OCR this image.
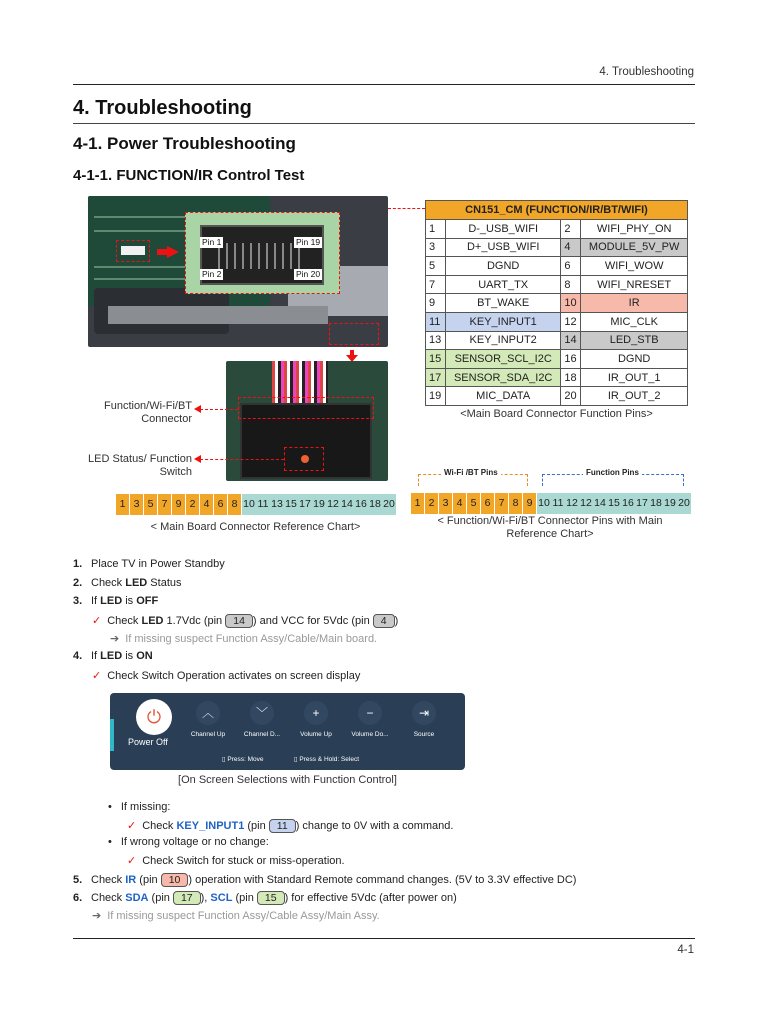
4. Troubleshooting
4. Troubleshooting
4-1. Power Troubleshooting
4-1-1. FUNCTION/IR Control Test
Pin 1	Pin 19
Pin 2	Pin 20
Function/Wi-Fi/BT
Connector
LED Status/ Function
Switch
CN151_CM (FUNCTION/IR/BT/WIFI)			
1	D-_USB_WIFI	2	WIFI_PHY_ON
3	D+_USB_WIFI	4	MODULE_5V_PW
5	DGND	6	WIFI_WOW
7	UART_TX	8	WIFI_NRESET
9	BT_WAKE	10	IR
11	KEY_INPUT1	12	MIC_CLK
13	KEY_INPUT2	14	LED_STB
15	SENSOR_SCL_I2C	16	DGND
17	SENSOR_SDA_I2C	18	IR_OUT_1
19	MIC_DATA	20	IR_OUT_2
<Main Board Connector Function Pins>
1 3 5 7 9 2 4 6 8 10 11 13 15 17 19 12 14 16 18 20
< Main Board Connector Reference Chart>
Wi-Fi /BT Pins	Function Pins
1 2 3 4 5 6 7 8 9 10 11 12 12 14 15 16 17 18 19 20
< Function/Wi-Fi/BT Connector Pins with Main
Reference Chart>
1. Place TV in Power Standby
2. Check LED Status
3. If LED is OFF
✓ Check LED 1.7Vdc (pin 14 ) and VCC for 5Vdc (pin 4 )
➔ If missing suspect Function Assy/Cable/Main board.
4. If LED is ON
✓ Check Switch Operation activates on screen display
⏻
Power Off
︿
Channel Up
﹀
Channel D...
+
Volume Up
−
Volume Do...
⇥
Source
▯ Press: Move	▯ Press & Hold: Select
[On Screen Selections with Function Control]
• If missing:
✓ Check KEY_INPUT1 (pin 11 ) change to 0V with a command.
• If wrong voltage or no change:
✓ Check Switch for stuck or miss-operation.
5. Check IR (pin 10 ) operation with Standard Remote command changes. (5V to 3.3V effective DC)
6. Check SDA (pin 17 ), SCL (pin 15 ) for effective 5Vdc (after power on)
➔ If missing suspect Function Assy/Cable Assy/Main Assy.
4-1
